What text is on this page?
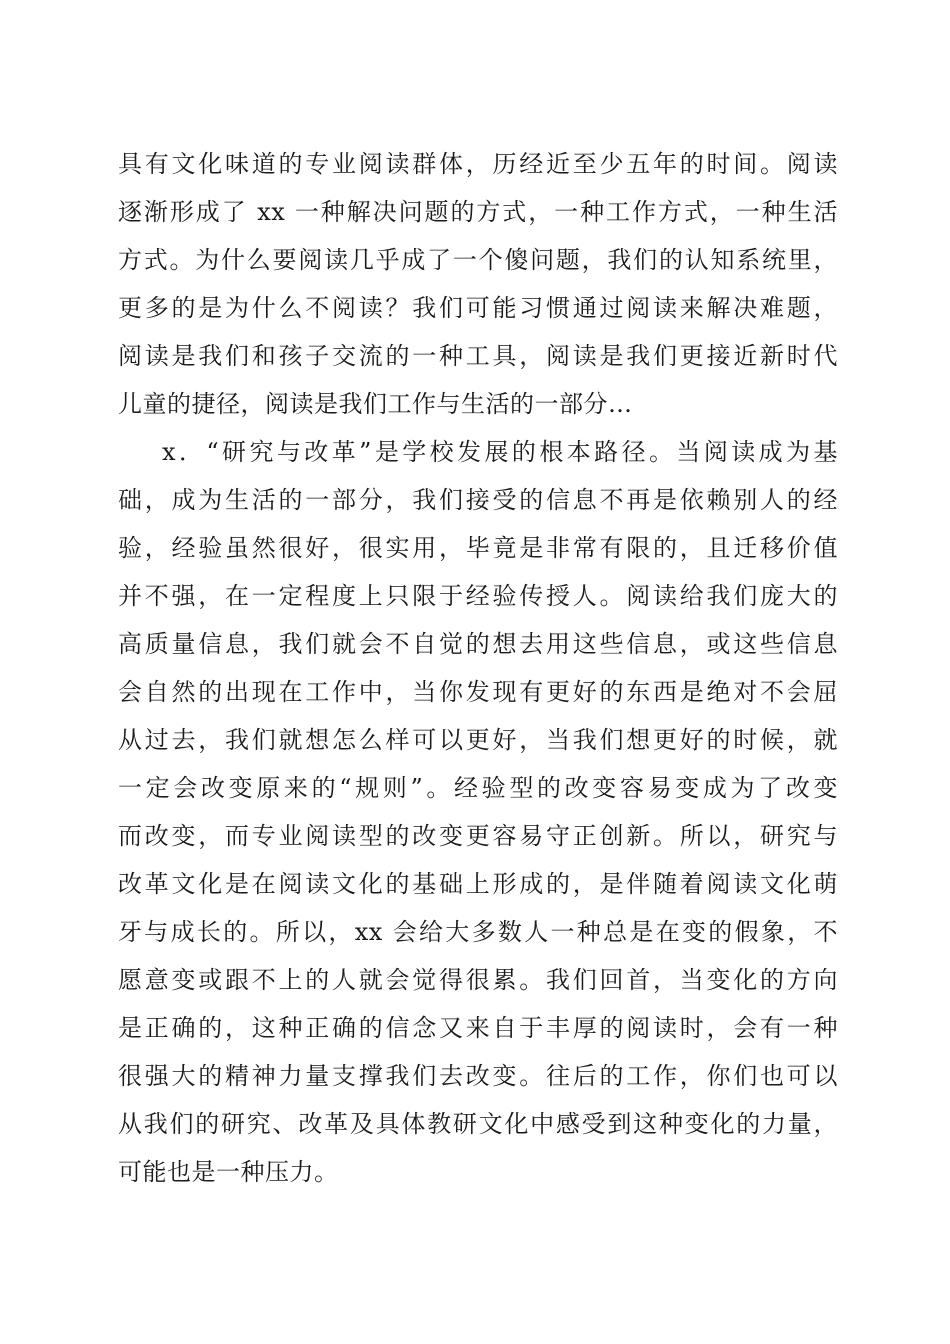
具有文化味道的专业阅读群体，历经近至少五年的时间。阅读
逐渐形成了 xx 一种解决问题的方式，一种工作方式，一种生活
方式。为什么要阅读几乎成了一个傻问题，我们的认知系统里，
更多的是为什么不阅读？我们可能习惯通过阅读来解决难题，
阅读是我们和孩子交流的一种工具，阅读是我们更接近新时代
儿童的捷径，阅读是我们工作与生活的一部分…
x．“研究与改革”是学校发展的根本路径。当阅读成为基
础，成为生活的一部分，我们接受的信息不再是依赖别人的经
验，经验虽然很好，很实用，毕竟是非常有限的，且迁移价值
并不强，在一定程度上只限于经验传授人。阅读给我们庞大的
高质量信息，我们就会不自觉的想去用这些信息，或这些信息
会自然的出现在工作中，当你发现有更好的东西是绝对不会屈
从过去，我们就想怎么样可以更好，当我们想更好的时候，就
一定会改变原来的“规则”。经验型的改变容易变成为了改变
而改变，而专业阅读型的改变更容易守正创新。所以，研究与
改革文化是在阅读文化的基础上形成的，是伴随着阅读文化萌
牙与成长的。所以，xx 会给大多数人一种总是在变的假象，不
愿意变或跟不上的人就会觉得很累。我们回首，当变化的方向
是正确的，这种正确的信念又来自于丰厚的阅读时，会有一种
很强大的精神力量支撑我们去改变。往后的工作，你们也可以
从我们的研究、改革及具体教研文化中感受到这种变化的力量，
可能也是一种压力。
